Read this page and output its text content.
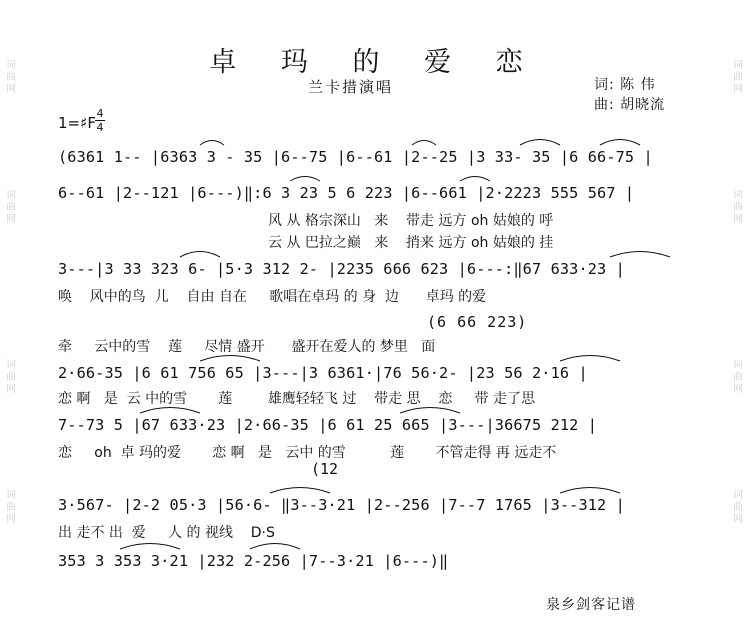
词
曲
网
词
曲
网
词
曲
网
词
曲
网
词
曲
网
词
曲
网
词
曲
网
词
曲
网
卓 玛 的 爱 恋
兰卡措演唱	词: 陈 伟
曲: 胡晓流
1=♯F
4
4
(6361 1-- |6363 3 - 35 |6--75 |6--61 |2--25 |3 33- 35 |6 66-75 |
6--61 |2--121 |6---)‖:6 3 23 5 6 223 |6--661 |2·2223 555 567 |
风 从 格宗深山   来    带走 远方 oh 姑娘的 呼
云 从 巴拉之巅   来    捎来 远方 oh 姑娘的 挂
3---|3 33 323 6- |5·3 312 2- |2235 666 623 |6---:‖67 633·23 |
唤    风中的鸟  儿    自由 自在     歌唱在卓玛 的 身  边      卓玛 的爱
(6 66 223)
牵     云中的雪    莲     尽情 盛开      盛开在爱人的 梦里   面
2·66-35 |6 61 756 65 |3---|3 6361·|76 56·2- |23 56 2·16 |
恋 啊   是  云 中的雪       莲        雄鹰轻轻飞 过    带走 思    恋     带 走了思
7--73 5 |67 633·23 |2·66-35 |6 61 25 665 |3---|36675 212 |
恋     oh  卓 玛的爱       恋 啊   是   云中 的雪          莲       不管走得 再 远走不
(12
3·567- |2-2 05·3 |56·6- ‖3--3·21 |2--256 |7--7 1765 |3--312 |
出 走不 出  爱     人 的 视线    D·S
353 3 353 3·21 |232 2-256 |7--3·21 |6---)‖
泉乡剑客记谱
